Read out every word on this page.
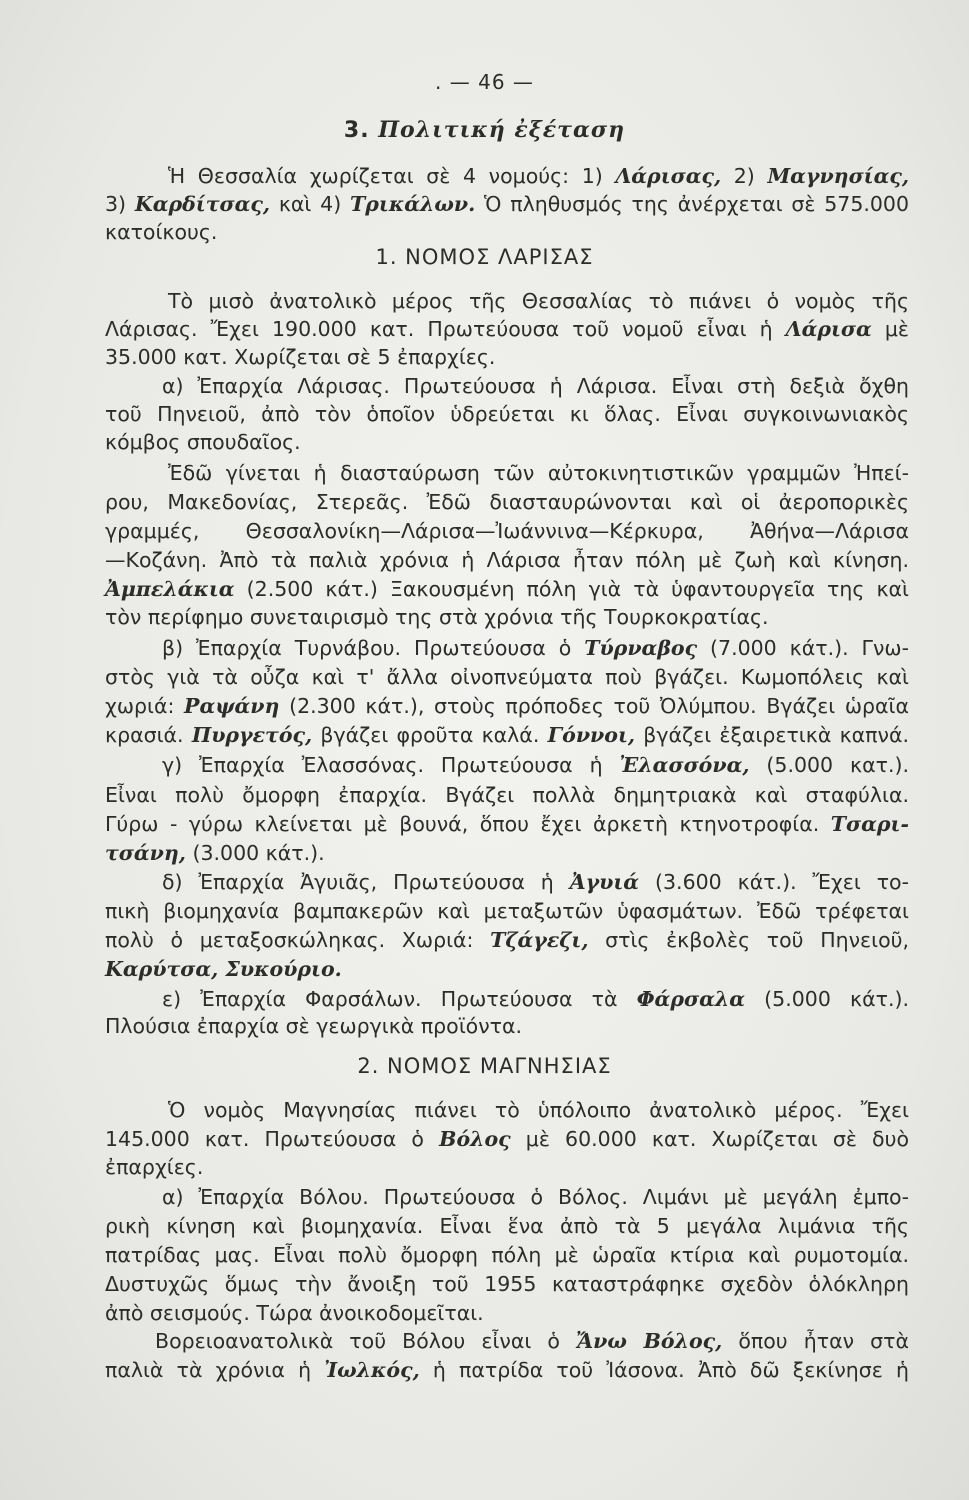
. — 46 —
3. Πολιτική ἐξέταση
1. ΝΟΜΟΣ ΛΑΡΙΣΑΣ
2. ΝΟΜΟΣ ΜΑΓΝΗΣΙΑΣ
Ἡ Θεσσαλία χωρίζεται σὲ 4 νομούς: 1) Λάρισας, 2) Μαγνησίας,
3) Καρδίτσας, καὶ 4) Τρικάλων. Ὁ πληθυσμός της ἀνέρχεται σὲ 575.000
κατοίκους.
Τὸ μισὸ ἀνατολικὸ μέρος τῆς Θεσσαλίας τὸ πιάνει ὁ νομὸς τῆς
Λάρισας. Ἔχει 190.000 κατ. Πρωτεύουσα τοῦ νομοῦ εἶναι ἡ Λάρισα μὲ
35.000 κατ. Χωρίζεται σὲ 5 ἐπαρχίες.
α) Ἐπαρχία Λάρισας. Πρωτεύουσα ἡ Λάρισα. Εἶναι στὴ δεξιὰ ὄχθη
τοῦ Πηνειοῦ, ἀπὸ τὸν ὁποῖον ὑδρεύεται κι ὅλας. Εἶναι συγκοινωνιακὸς
κόμβος σπουδαῖος.
Ἐδῶ γίνεται ἡ διασταύρωση τῶν αὐτοκινητιστικῶν γραμμῶν Ἠπεί-
ρου, Μακεδονίας, Στερεᾶς. Ἐδῶ διασταυρώνονται καὶ οἱ ἀεροπορικὲς
γραμμές, Θεσσαλονίκη—Λάρισα—Ἰωάννινα—Κέρκυρα, Ἀθήνα—Λάρισα
—Κοζάνη. Ἀπὸ τὰ παλιὰ χρόνια ἡ Λάρισα ἦταν πόλη μὲ ζωὴ καὶ κίνηση.
Ἀμπελάκια (2.500 κάτ.) Ξακουσμένη πόλη γιὰ τὰ ὑφαντουργεῖα της καὶ
τὸν περίφημο συνεταιρισμὸ της στὰ χρόνια τῆς Τουρκοκρατίας.
β) Ἐπαρχία Τυρνάβου. Πρωτεύουσα ὁ Τύρναβος (7.000 κάτ.). Γνω-
στὸς γιὰ τὰ οὖζα καὶ τ' ἄλλα οἰνοπνεύματα ποὺ βγάζει. Κωμοπόλεις καὶ
χωριά: Ραψάνη (2.300 κάτ.), στοὺς πρόποδες τοῦ Ὀλύμπου. Βγάζει ὡραῖα
κρασιά. Πυργετός, βγάζει φροῦτα καλά. Γόννοι, βγάζει ἐξαιρετικὰ καπνά.
γ) Ἐπαρχία Ἐλασσόνας. Πρωτεύουσα ἡ Ἐλασσόνα, (5.000 κατ.).
Εἶναι πολὺ ὄμορφη ἐπαρχία. Βγάζει πολλὰ δημητριακὰ καὶ σταφύλια.
Γύρω - γύρω κλείνεται μὲ βουνά, ὅπου ἔχει ἀρκετὴ κτηνοτροφία. Τσαρι-
τσάνη, (3.000 κάτ.).
δ) Ἐπαρχία Ἀγυιᾶς, Πρωτεύουσα ἡ Ἀγυιά (3.600 κάτ.). Ἔχει το-
πικὴ βιομηχανία βαμπακερῶν καὶ μεταξωτῶν ὑφασμάτων. Ἐδῶ τρέφεται
πολὺ ὁ μεταξοσκώληκας. Χωριά: Τζάγεζι, στὶς ἐκβολὲς τοῦ Πηνειοῦ,
Καρύτσα, Συκούριο.
ε) Ἐπαρχία Φαρσάλων. Πρωτεύουσα τὰ Φάρσαλα (5.000 κάτ.).
Πλούσια ἐπαρχία σὲ γεωργικὰ προϊόντα.
Ὁ νομὸς Μαγνησίας πιάνει τὸ ὑπόλοιπο ἀνατολικὸ μέρος. Ἔχει
145.000 κατ. Πρωτεύουσα ὁ Βόλος μὲ 60.000 κατ. Χωρίζεται σὲ δυὸ
ἐπαρχίες.
α) Ἐπαρχία Βόλου. Πρωτεύουσα ὁ Βόλος. Λιμάνι μὲ μεγάλη ἐμπο-
ρικὴ κίνηση καὶ βιομηχανία. Εἶναι ἕνα ἀπὸ τὰ 5 μεγάλα λιμάνια τῆς
πατρίδας μας. Εἶναι πολὺ ὄμορφη πόλη μὲ ὡραῖα κτίρια καὶ ρυμοτομία.
Δυστυχῶς ὅμως τὴν ἄνοιξη τοῦ 1955 καταστράφηκε σχεδὸν ὁλόκληρη
ἀπὸ σεισμούς. Τώρα ἀνοικοδομεῖται.
Βορειοανατολικὰ τοῦ Βόλου εἶναι ὁ Ἄνω Βόλος, ὅπου ἦταν στὰ
παλιὰ τὰ χρόνια ἡ Ἰωλκός, ἡ πατρίδα τοῦ Ἰάσονα. Ἀπὸ δῶ ξεκίνησε ἡ
